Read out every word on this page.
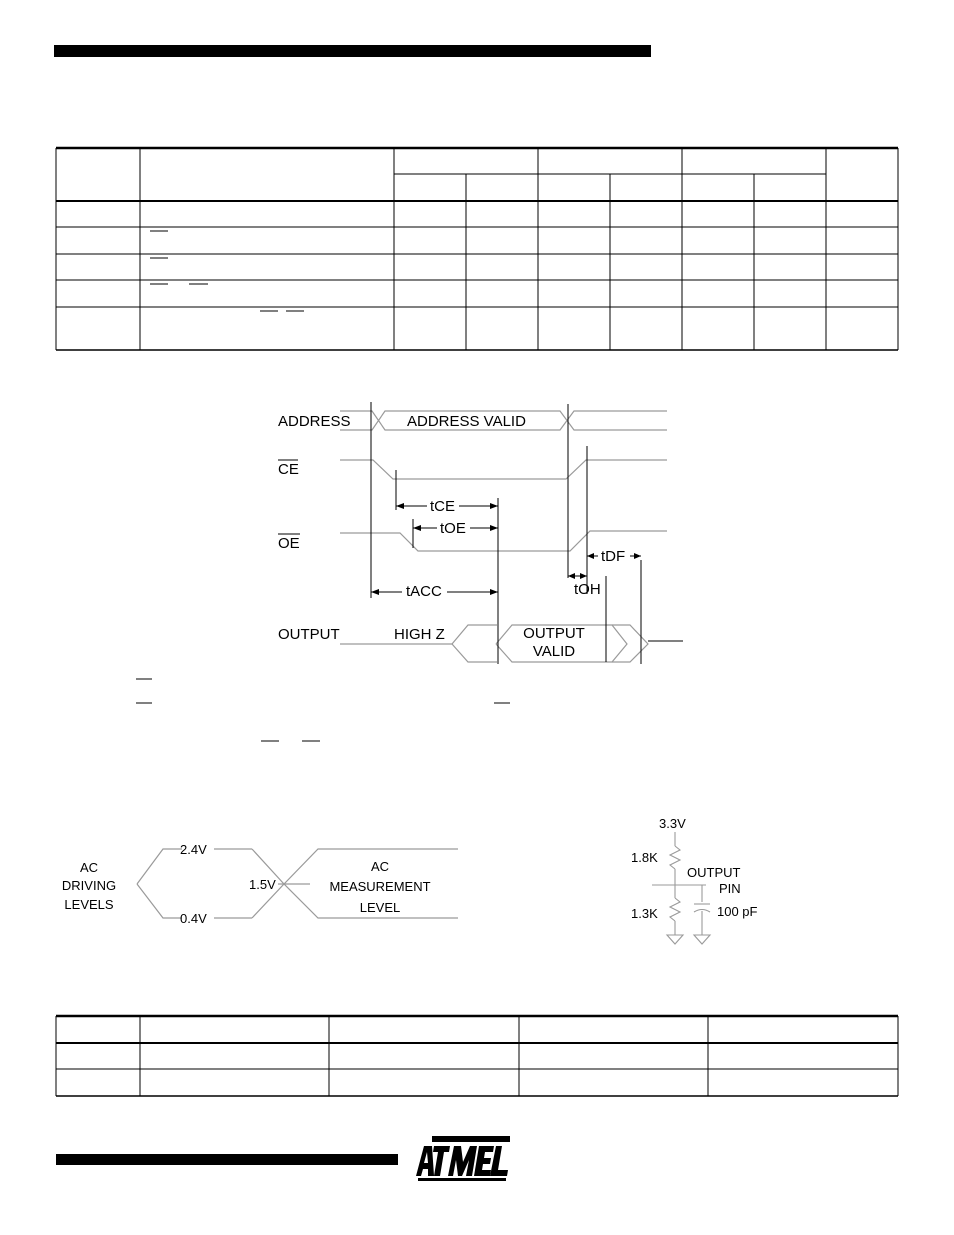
ADDRESS	ADDRESS VALID
CE
OE
OUTPUT	HIGH Z	OUTPUT
VALID
tCE
tOE
tACC	tOH
tDF
AC
DRIVING
LEVELS
2.4V
0.4V
1.5V
AC
MEASUREMENT
LEVEL
3.3V
1.8K
OUTPUT
PIN
1.3K	100 pF
